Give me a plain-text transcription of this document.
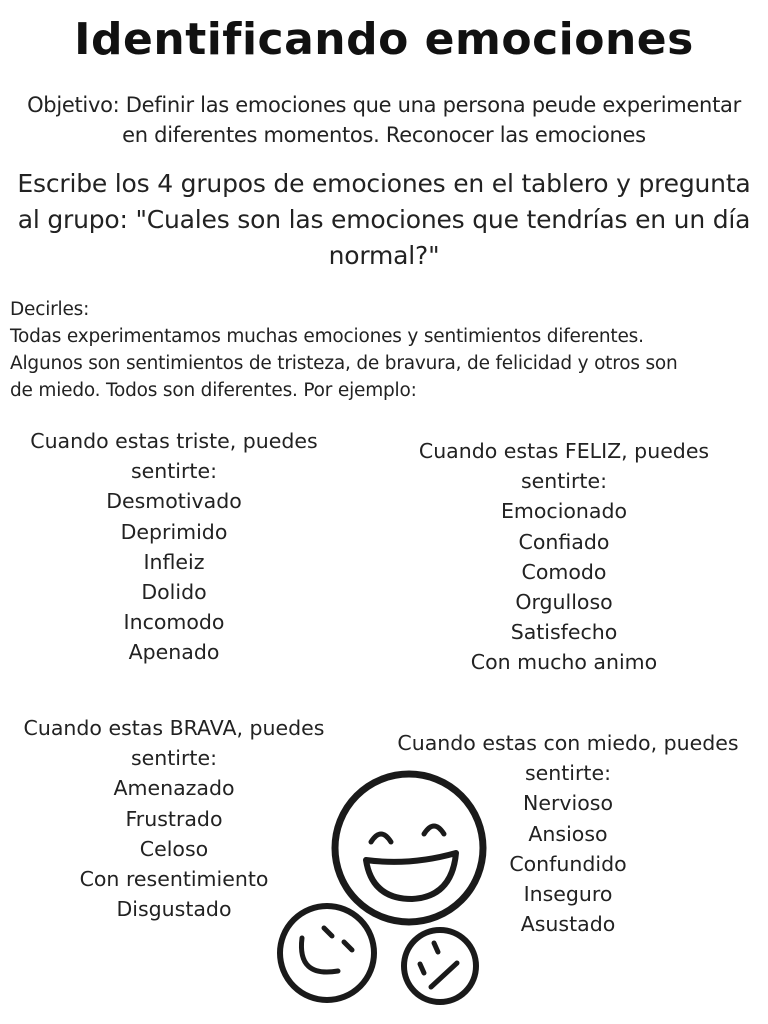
Identificando emociones
Objetivo: Definir las emociones que una persona peude experimentar
en diferentes momentos. Reconocer las emociones
Escribe los 4 grupos de emociones en el tablero y pregunta
al grupo: "Cuales son las emociones que tendrías en un día
normal?"

Decirles:

Todas experimentamos muchas emociones y sentimientos diferentes.

Algunos son sentimientos de tristeza, de bravura, de felicidad y otros son

de miedo. Todos son diferentes. Por ejemplo:

Cuando estas triste, puedes
sentirte:
Desmotivado
Deprimido
Infleiz
Dolido
Incomodo
Apenado
Cuando estas FELIZ, puedes
sentirte:
Emocionado
Confiado
Comodo
Orgulloso
Satisfecho
Con mucho animo
Cuando estas BRAVA, puedes
sentirte:
Amenazado
Frustrado
Celoso
Con resentimiento
Disgustado
Cuando estas con miedo, puedes
sentirte:
Nervioso
Ansioso
Confundido
Inseguro
Asustado
